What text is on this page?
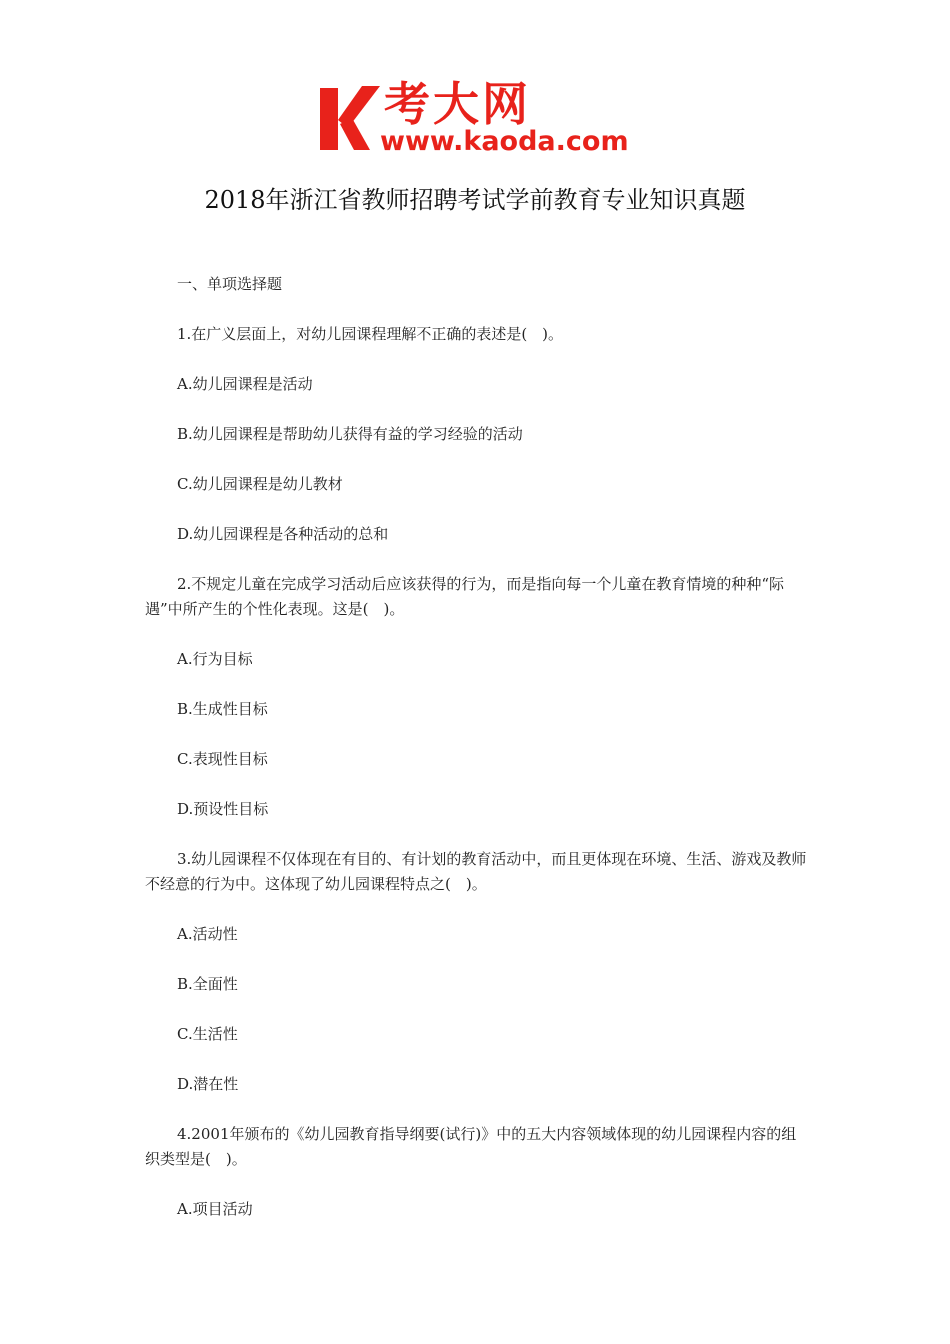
考大网
www.kaoda.com
2018年浙江省教师招聘考试学前教育专业知识真题

一、单项选择题

1.在广义层面上，对幼儿园课程理解不正确的表述是(　)。

A.幼儿园课程是活动

B.幼儿园课程是帮助幼儿获得有益的学习经验的活动

C.幼儿园课程是幼儿教材

D.幼儿园课程是各种活动的总和

2.不规定儿童在完成学习活动后应该获得的行为，而是指向每一个儿童在教育情境的种种“际遇”中所产生的个性化表现。这是(　)。

A.行为目标

B.生成性目标

C.表现性目标

D.预设性目标

3.幼儿园课程不仅体现在有目的、有计划的教育活动中，而且更体现在环境、生活、游戏及教师不经意的行为中。这体现了幼儿园课程特点之(　)。

A.活动性

B.全面性

C.生活性

D.潜在性

4.2001年颁布的《幼儿园教育指导纲要(试行)》中的五大内容领域体现的幼儿园课程内容的组织类型是(　)。

A.项目活动
